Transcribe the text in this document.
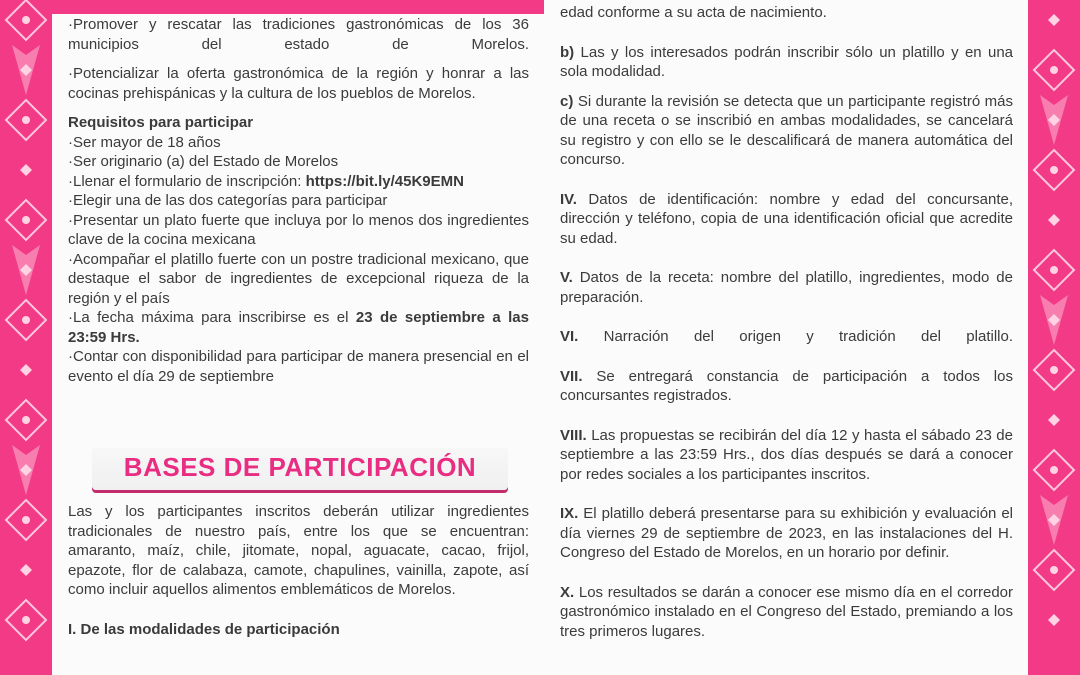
·Promover y rescatar las tradiciones gastronómicas de los 36 municipios del estado de Morelos.

·Potencializar la oferta gastronómica de la región y honrar a las cocinas prehispánicas y la cultura de los pueblos de Morelos.

Requisitos para participar

·Ser mayor de 18 años

·Ser originario (a) del Estado de Morelos

·Llenar el formulario de inscripción: https://bit.ly/45K9EMN

·Elegir una de las dos categorías para participar

·Presentar un plato fuerte que incluya por lo menos dos ingredientes clave de la cocina mexicana

·Acompañar el platillo fuerte con un postre tradicional mexicano, que destaque el sabor de ingredientes de excepcional riqueza de la región y el país

·La fecha máxima para inscribirse es el 23 de septiembre a las 23:59 Hrs.

·Contar con disponibilidad para participar de manera presencial en el evento el día 29 de septiembre

BASES DE PARTICIPACIÓN

Las y los participantes inscritos deberán utilizar ingredientes tradicionales de nuestro país, entre los que se encuentran: amaranto, maíz, chile, jitomate, nopal, aguacate, cacao, frijol, epazote, flor de calabaza, camote, chapulines, vainilla, zapote, así como incluir aquellos alimentos emblemáticos de Morelos.

I. De las modalidades de participación

edad conforme a su acta de nacimiento.

b) Las y los interesados podrán inscribir sólo un platillo y en una sola modalidad.

c) Si durante la revisión se detecta que un participante registró más de una receta o se inscribió en ambas modalidades, se cancelará su registro y con ello se le descalificará de manera automática del concurso.

IV. Datos de identificación: nombre y edad del concursante, dirección y teléfono, copia de una identificación oficial que acredite su edad.

V. Datos de la receta: nombre del platillo, ingredientes, modo de preparación.

VI. Narración del origen y tradición del platillo.

VII. Se entregará constancia de participación a todos los concursantes registrados.

VIII. Las propuestas se recibirán del día 12 y hasta el sábado 23 de septiembre a las 23:59 Hrs., dos días después se dará a conocer por redes sociales a los participantes inscritos.

IX. El platillo deberá presentarse para su exhibición y evaluación el día viernes 29 de septiembre de 2023, en las instalaciones del H. Congreso del Estado de Morelos, en un horario por definir.

X. Los resultados se darán a conocer ese mismo día en el corredor gastronómico instalado en el Congreso del Estado, premiando a los tres primeros lugares.
